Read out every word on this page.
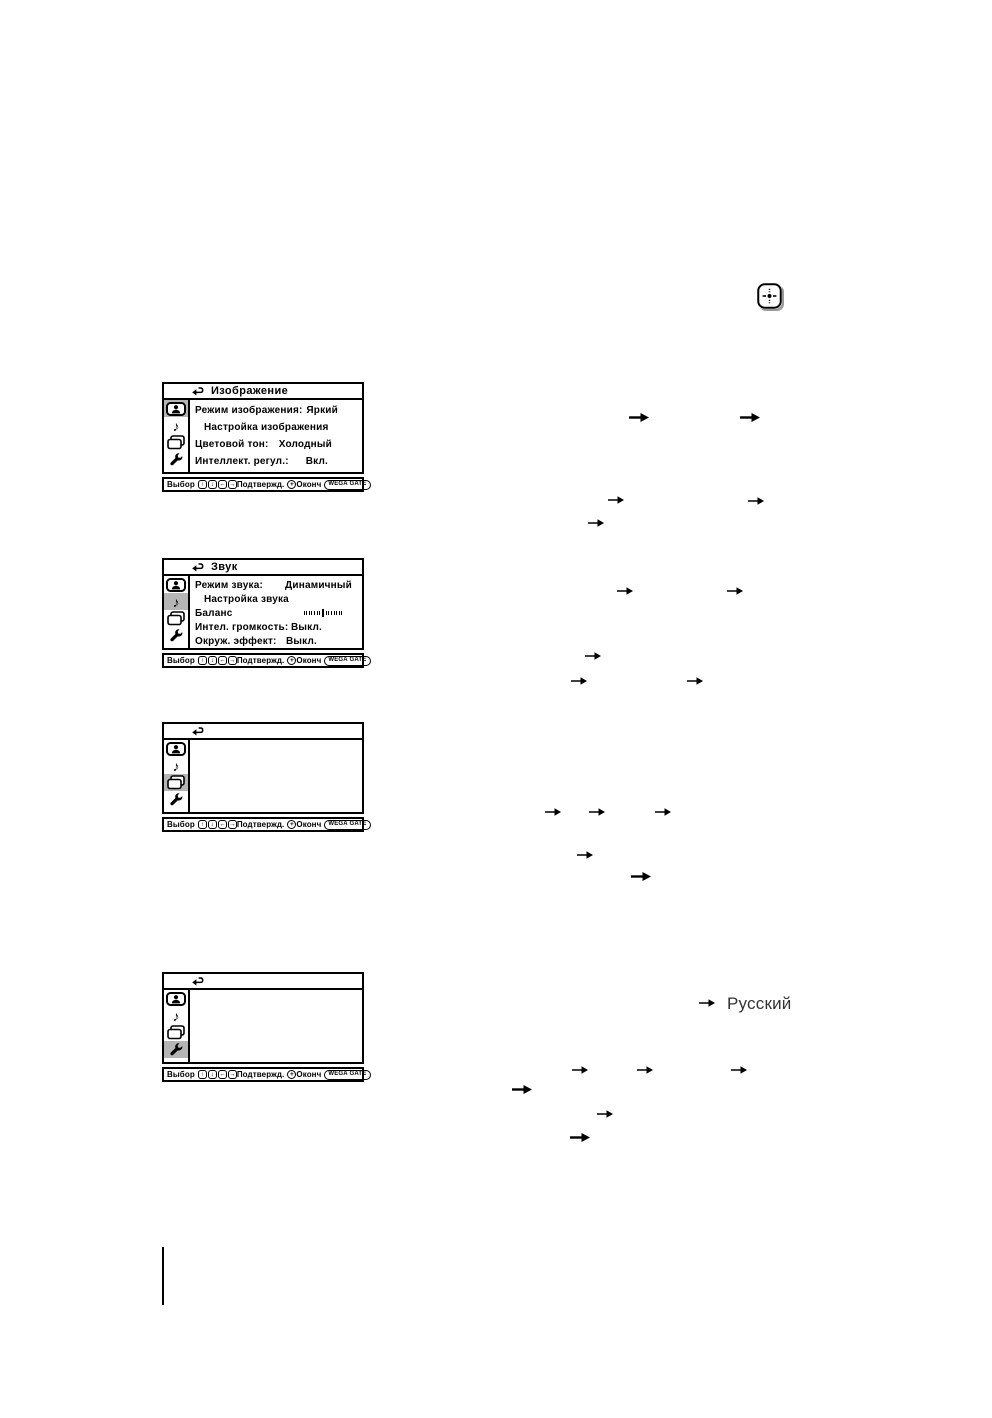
Изображение
♪
Режим изображения: Яркий
Настройка изображения
Цветовой тон: Холодный
Интеллект. регул.: Вкл.
Выбор ↑	↓ ← → Подтвержд. + Оконч	WEGA GATE
Звук
♪
Режим звука: Динамичный
Настройка звука
Баланс
Интел. громкость: Выкл.
Окруж. эффект: Выкл.
Выбор ↑	↓ ← → Подтвержд. + Оконч	WEGA GATE
♪
Выбор ↑	↓ ← → Подтвержд. + Оконч	WEGA GATE
♪
Выбор ↑	↓ ← → Подтвержд. + Оконч	WEGA GATE
Русский
